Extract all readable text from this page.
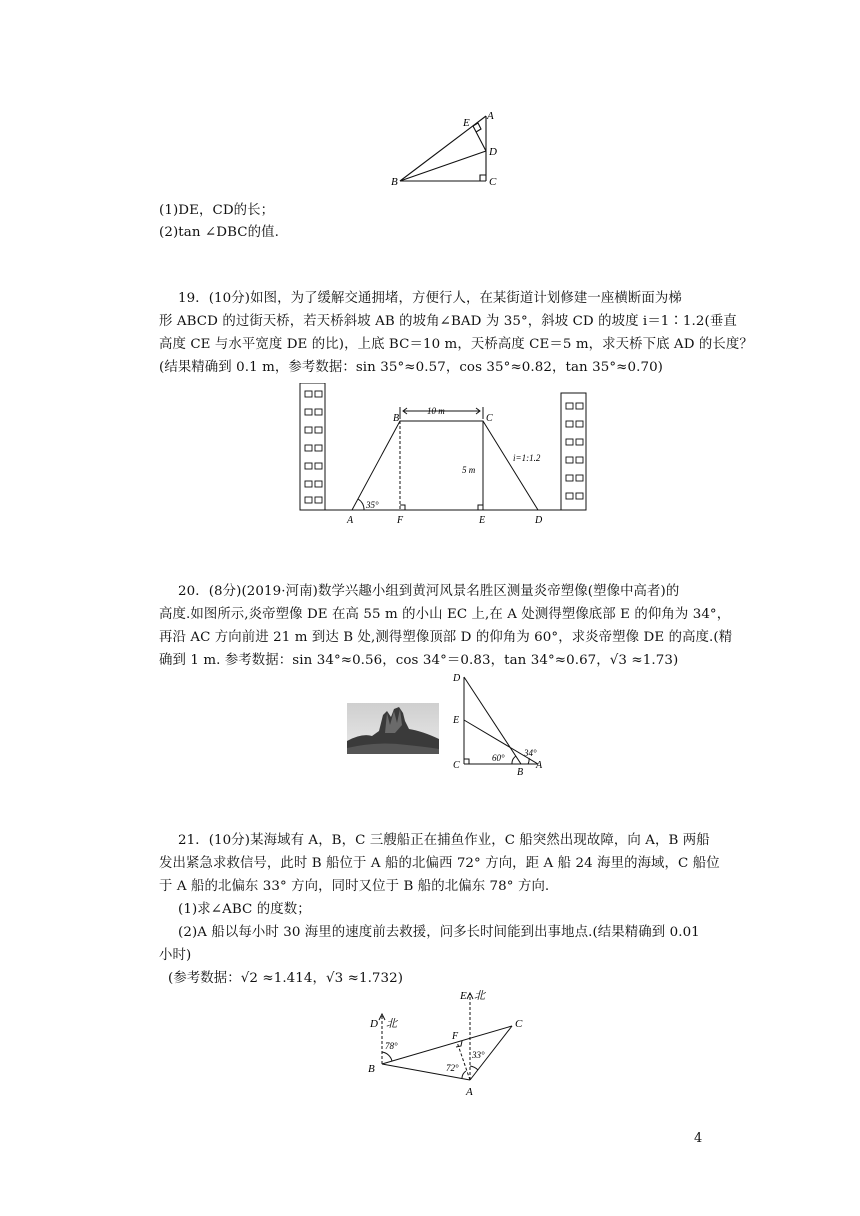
A
E
D
B	C
(1)DE，CD的长；
(2)tan ∠DBC的值.
19．(10分)如图，为了缓解交通拥堵，方便行人，在某街道计划修建一座横断面为梯
形 ABCD 的过街天桥，若天桥斜坡 AB 的坡角∠BAD 为 35°，斜坡 CD 的坡度 i＝1∶1.2(垂直
高度 CE 与水平宽度 DE 的比)，上底 BC＝10 m，天桥高度 CE＝5 m，求天桥下底 AD 的长度？
(结果精确到 0.1 m，参考数据：sin 35°≈0.57，cos 35°≈0.82，tan 35°≈0.70)
10 m
5 m
i=1:1.2
35°
A
B	C
D
E
F
20．(8分)(2019·河南)数学兴趣小组到黄河风景名胜区测量炎帝塑像(塑像中高者)的
高度.如图所示,炎帝塑像 DE 在高 55 m 的小山 EC 上,在 A 处测得塑像底部 E 的仰角为 34°，
再沿 AC 方向前进 21 m 到达 B 处,测得塑像顶部 D 的仰角为 60°，求炎帝塑像 DE 的高度.(精
确到 1 m. 参考数据：sin 34°≈0.56，cos 34°＝0.83，tan 34°≈0.67，√3 ≈1.73)
D
E
C
B
A
60° 34°
21．(10分)某海域有 A，B，C 三艘船正在捕鱼作业，C 船突然出现故障，向 A，B 两船
发出紧急求救信号，此时 B 船位于 A 船的北偏西 72° 方向，距 A 船 24 海里的海域，C 船位
于 A 船的北偏东 33° 方向，同时又位于 B 船的北偏东 78° 方向.
(1)求∠ABC 的度数；
(2)A 船以每小时 30 海里的速度前去救援，问多长时间能到出事地点.(结果精确到 0.01
小时)
(参考数据：√2 ≈1.414，√3 ≈1.732)
E 北
D 北
F
C
B
A
78°
72°
33°
4
